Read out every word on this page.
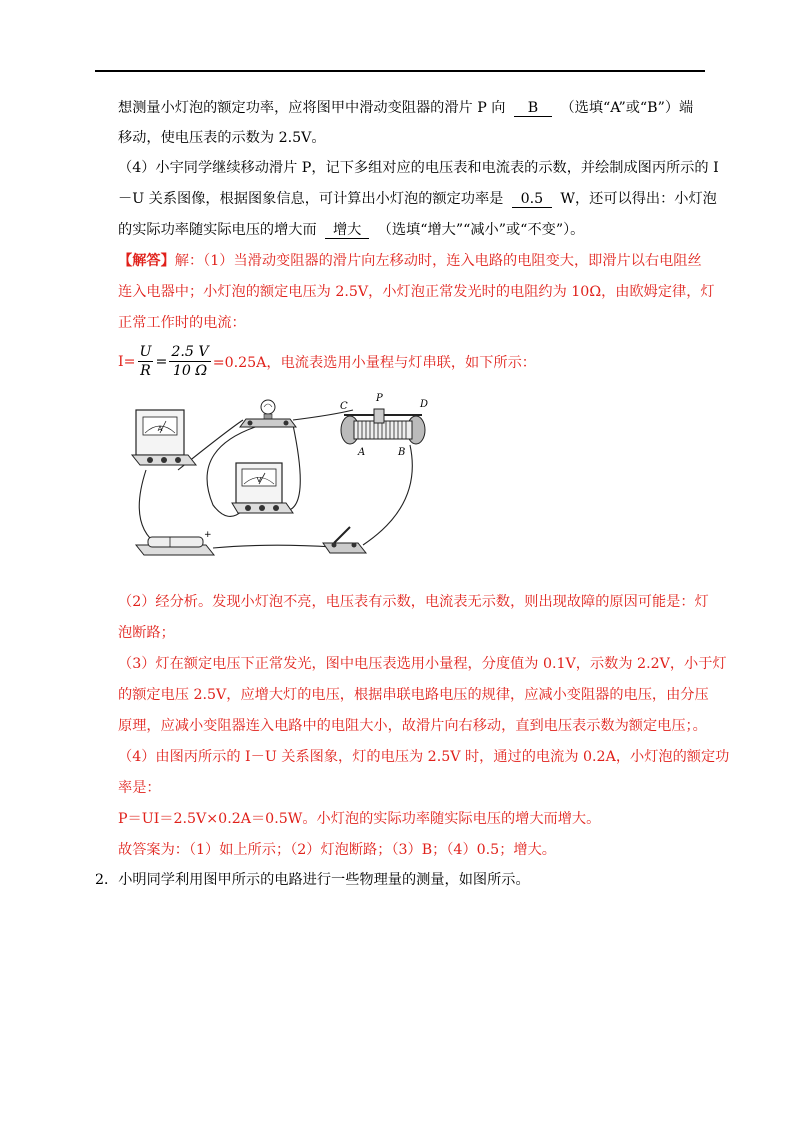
想测量小灯泡的额定功率，应将图甲中滑动变阻器的滑片 P 向 B （选填“A”或“B”）端
移动，使电压表的示数为 2.5V。
（4）小宇同学继续移动滑片 P，记下多组对应的电压表和电流表的示数，并绘制成图丙所示的 I
－U 关系图像，根据图象信息，可计算出小灯泡的额定功率是 0.5 W，还可以得出：小灯泡
的实际功率随实际电压的增大而 增大 （选填“增大”“减小”或“不变”）。
【解答】解：（1）当滑动变阻器的滑片向左移动时，连入电路的电阻变大，即滑片以右电阻丝
连入电器中；小灯泡的额定电压为 2.5V，小灯泡正常发光时的电阻约为 10Ω，由欧姆定律，灯
正常工作时的电流：
$I= \frac{U}{R} = \frac{2.5 V}{10 \Omega} =0.25A$，电流表选用小量程与灯串联，如下所示：
A
V
C
P
D
A	B
+
（2）经分析。发现小灯泡不亮，电压表有示数，电流表无示数，则出现故障的原因可能是：灯
泡断路；
（3）灯在额定电压下正常发光，图中电压表选用小量程，分度值为 0.1V，示数为 2.2V，小于灯
的额定电压 2.5V，应增大灯的电压，根据串联电路电压的规律，应减小变阻器的电压，由分压
原理，应减小变阻器连入电路中的电阻大小，故滑片向右移动，直到电压表示数为额定电压；。
（4）由图丙所示的 I－U 关系图象，灯的电压为 2.5V 时，通过的电流为 0.2A，小灯泡的额定功
率是：
P＝UI＝2.5V×0.2A＝0.5W。小灯泡的实际功率随实际电压的增大而增大。
故答案为：（1）如上所示；（2）灯泡断路；（3）B；（4）0.5；增大。
2．小明同学利用图甲所示的电路进行一些物理量的测量，如图所示。
